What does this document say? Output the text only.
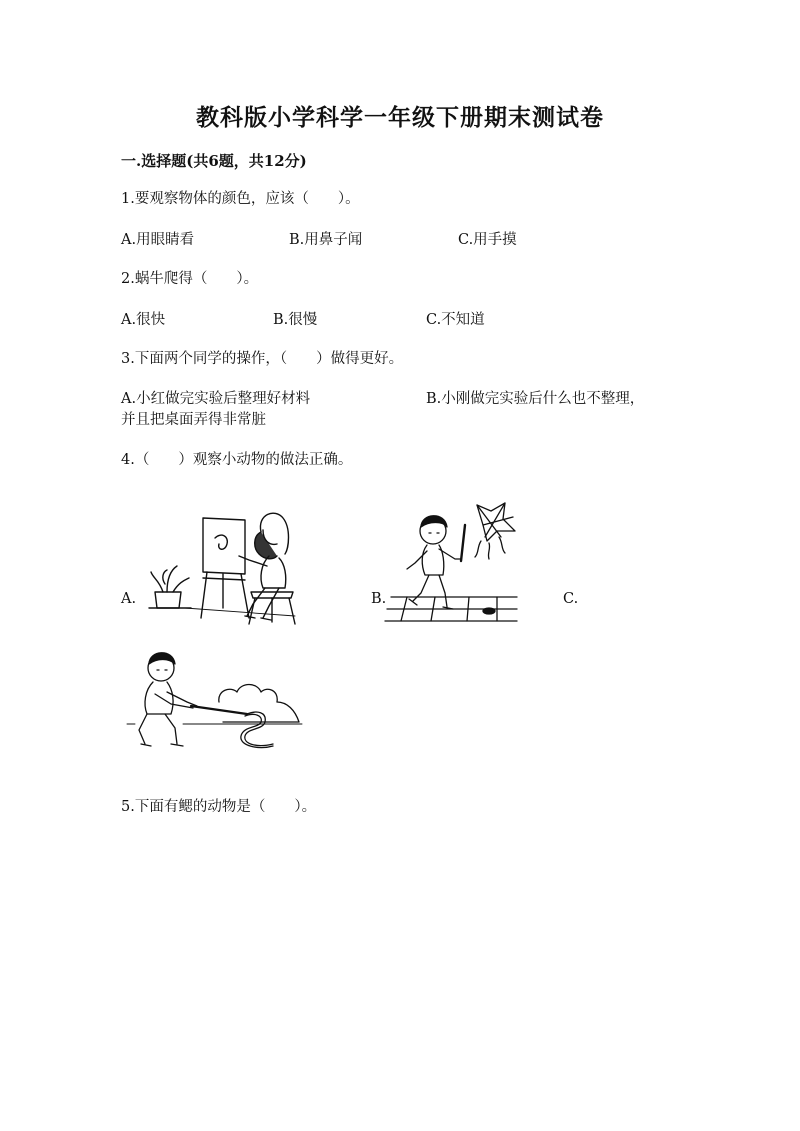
教科版小学科学一年级下册期末测试卷
一.选择题(共6题，共12分)
1.要观察物体的颜色，应该（　　）。
A.用眼睛看	B.用鼻子闻	C.用手摸
2.蜗牛爬得（　　）。
A.很快	B.很慢	C.不知道
3.下面两个同学的操作，（　　）做得更好。
A.小红做完实验后整理好材料	B.小刚做完实验后什么也不整理，
并且把桌面弄得非常脏
4.（　　）观察小动物的做法正确。
A.	B.	C.
5.下面有鳃的动物是（　　）。
